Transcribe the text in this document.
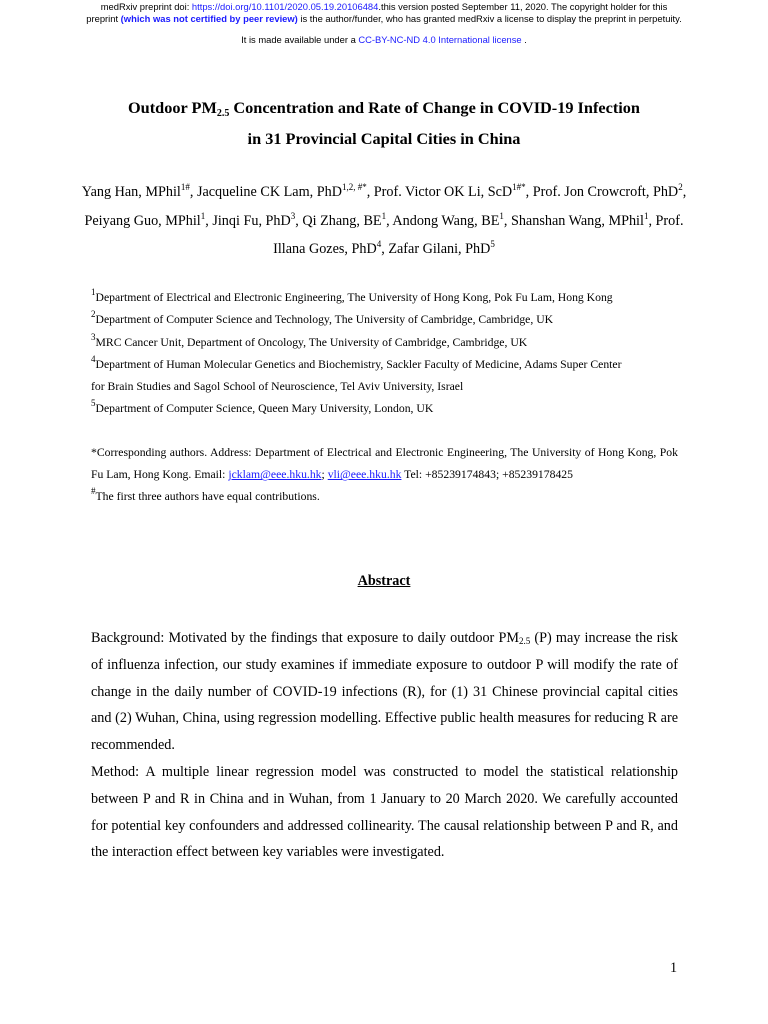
medRxiv preprint doi: https://doi.org/10.1101/2020.05.19.20106484.this version posted September 11, 2020. The copyright holder for this
preprint (which was not certified by peer review) is the author/funder, who has granted medRxiv a license to display the preprint in perpetuity.
It is made available under a CC-BY-NC-ND 4.0 International license .
Outdoor $PM_{2.5}$ Concentration and Rate of Change in COVID-19 Infection
in 31 Provincial Capital Cities in China
Yang Han, MPhil$^{1\#}$, Jacqueline CK Lam, PhD$^{1,2, \#*}$, Prof. Victor OK Li, ScD$^{1\#*}$, Prof. Jon Crowcroft, PhD$^2$, Peiyang Guo, MPhil$^1$, Jinqi Fu, PhD$^3$, Qi Zhang, $BE^1$, Andong Wang, $BE^1$, Shanshan Wang, MPhil$^1$, Prof. Illana Gozes, PhD$^4$, Zafar Gilani, PhD$^5$
$^1$Department of Electrical and Electronic Engineering, The University of Hong Kong, Pok Fu Lam, Hong Kong
$^2$Department of Computer Science and Technology, The University of Cambridge, Cambridge, UK
$^3$MRC Cancer Unit, Department of Oncology, The University of Cambridge, Cambridge, UK
$^4$Department of Human Molecular Genetics and Biochemistry, Sackler Faculty of Medicine, Adams Super Center
for Brain Studies and Sagol School of Neuroscience, Tel Aviv University, Israel
$^5$Department of Computer Science, Queen Mary University, London, UK
*Corresponding authors. Address: Department of Electrical and Electronic Engineering, The University of Hong Kong, Pok Fu Lam, Hong Kong. Email: jcklam@eee.hku.hk; vli@eee.hku.hk Tel: +85239174843; +85239178425
#The first three authors have equal contributions.
Abstract

Background: Motivated by the findings that exposure to daily outdoor $PM_{2.5}$ (P) may increase the risk of influenza infection, our study examines if immediate exposure to outdoor P will modify the rate of change in the daily number of COVID-19 infections (R), for (1) 31 Chinese provincial capital cities and (2) Wuhan, China, using regression modelling. Effective public health measures for reducing R are recommended.

Method: A multiple linear regression model was constructed to model the statistical relationship between P and R in China and in Wuhan, from 1 January to 20 March 2020. We carefully accounted for potential key confounders and addressed collinearity. The causal relationship between P and R, and the interaction effect between key variables were investigated.

1
